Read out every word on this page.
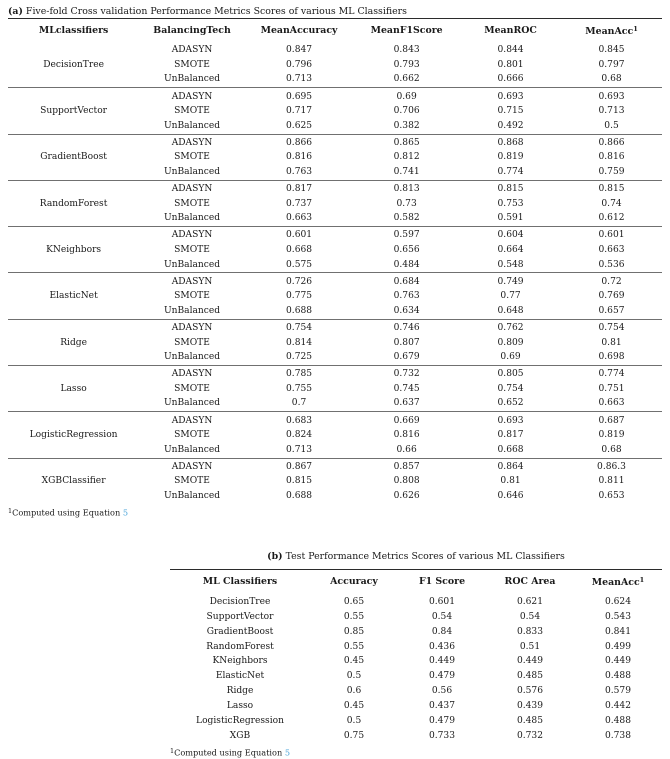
(a) Five-fold Cross validation Performance Metrics Scores of various ML Classifiers
MLclassifiers	BalancingTech	MeanAccuracy	MeanF1Score	MeanROC	MeanAcc$^1$
	ADASYN	0.847	0.843	0.844	0.845
DecisionTree	SMOTE	0.796	0.793	0.801	0.797
	UnBalanced	0.713	0.662	0.666	0.68
	ADASYN	0.695	0.69	0.693	0.693
SupportVector	SMOTE	0.717	0.706	0.715	0.713
	UnBalanced	0.625	0.382	0.492	0.5
	ADASYN	0.866	0.865	0.868	0.866
GradientBoost	SMOTE	0.816	0.812	0.819	0.816
	UnBalanced	0.763	0.741	0.774	0.759
	ADASYN	0.817	0.813	0.815	0.815
RandomForest	SMOTE	0.737	0.73	0.753	0.74
	UnBalanced	0.663	0.582	0.591	0.612
	ADASYN	0.601	0.597	0.604	0.601
KNeighbors	SMOTE	0.668	0.656	0.664	0.663
	UnBalanced	0.575	0.484	0.548	0.536
	ADASYN	0.726	0.684	0.749	0.72
ElasticNet	SMOTE	0.775	0.763	0.77	0.769
	UnBalanced	0.688	0.634	0.648	0.657
	ADASYN	0.754	0.746	0.762	0.754
Ridge	SMOTE	0.814	0.807	0.809	0.81
	UnBalanced	0.725	0.679	0.69	0.698
	ADASYN	0.785	0.732	0.805	0.774
Lasso	SMOTE	0.755	0.745	0.754	0.751
	UnBalanced	0.7	0.637	0.652	0.663
	ADASYN	0.683	0.669	0.693	0.687
LogisticRegression	SMOTE	0.824	0.816	0.817	0.819
	UnBalanced	0.713	0.66	0.668	0.68
	ADASYN	0.867	0.857	0.864	0.86.3
XGBClassifier	SMOTE	0.815	0.808	0.81	0.811
	UnBalanced	0.688	0.626	0.646	0.653

$^1$Computed using Equation 5
(b) Test Performance Metrics Scores of various ML Classifiers
ML Classifiers	Accuracy	F1 Score	ROC Area	MeanAcc$^1$
DecisionTree	0.65	0.601	0.621	0.624
SupportVector	0.55	0.54	0.54	0.543
GradientBoost	0.85	0.84	0.833	0.841
RandomForest	0.55	0.436	0.51	0.499
KNeighbors	0.45	0.449	0.449	0.449
ElasticNet	0.5	0.479	0.485	0.488
Ridge	0.6	0.56	0.576	0.579
Lasso	0.45	0.437	0.439	0.442
LogisticRegression	0.5	0.479	0.485	0.488
XGB	0.75	0.733	0.732	0.738

$^1$Computed using Equation 5
